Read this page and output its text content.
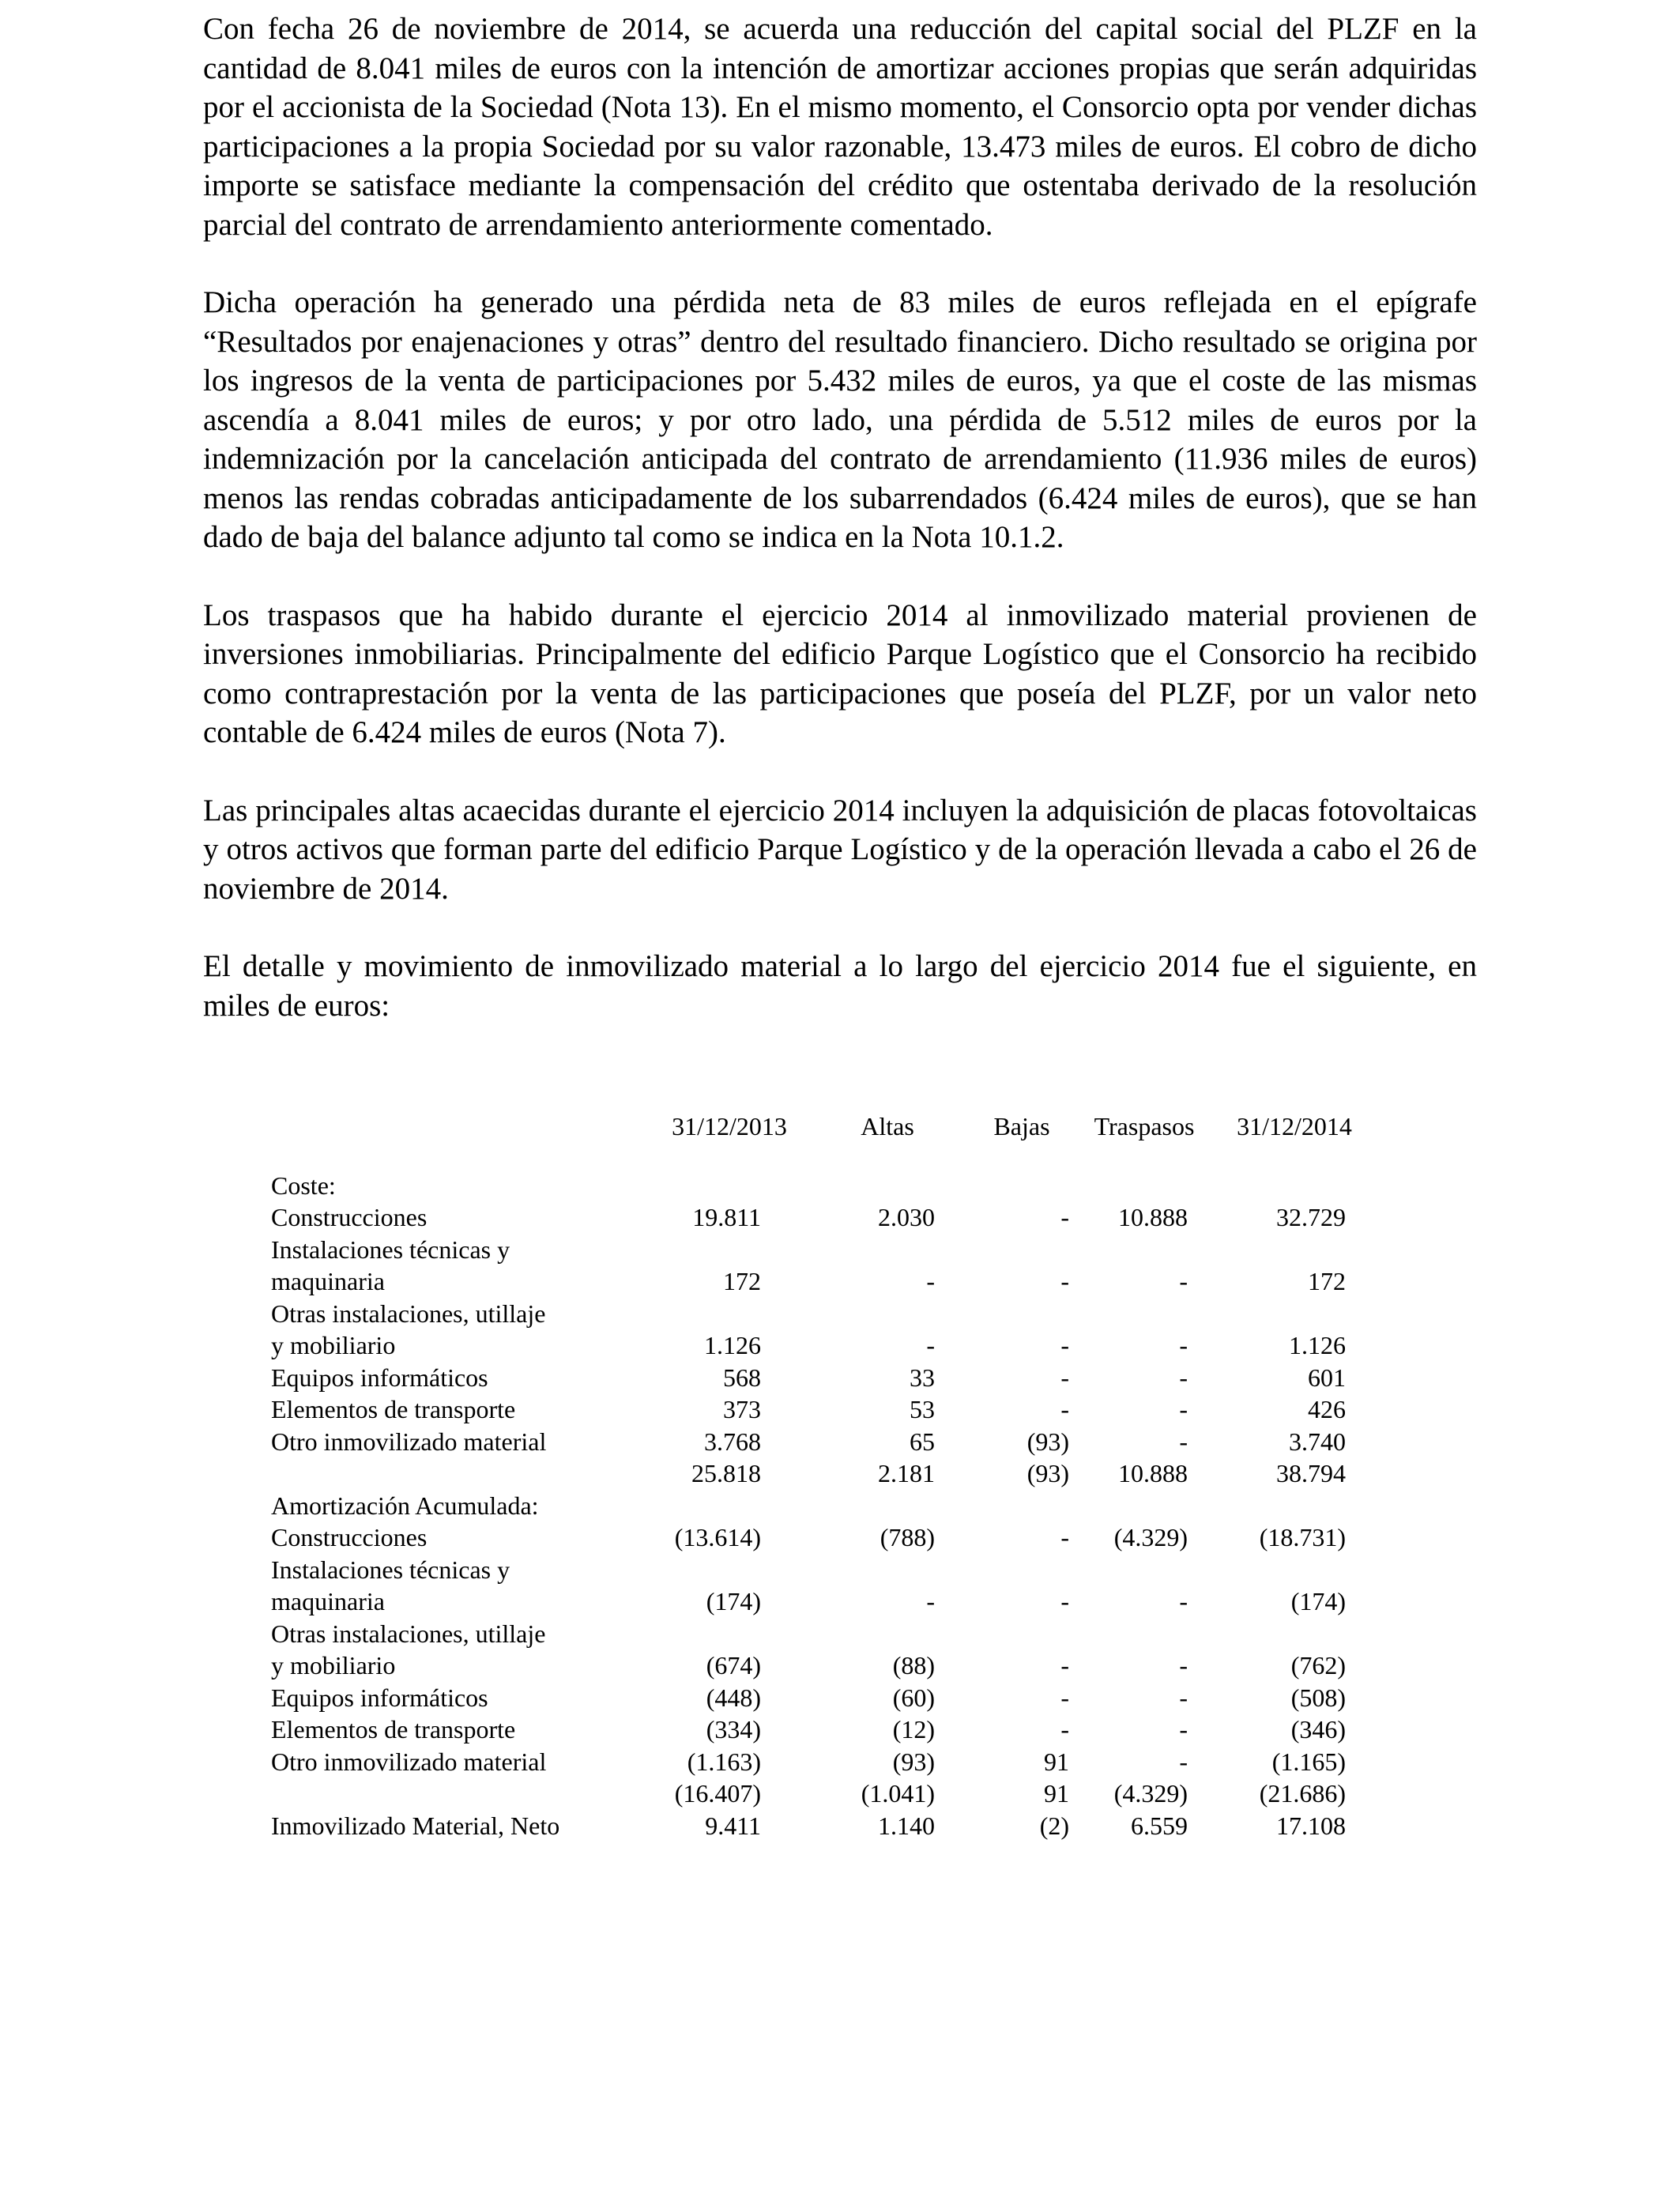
Con fecha 26 de noviembre de 2014, se acuerda una reducción del capital social del PLZF en la cantidad de 8.041 miles de euros con la intención de amortizar acciones propias que serán adquiridas por el accionista de la Sociedad (Nota 13). En el mismo momento, el Consorcio opta por vender dichas participaciones a la propia Sociedad por su valor razonable, 13.473 miles de euros. El cobro de dicho importe se satisface mediante la compensación del crédito que ostentaba derivado de la resolución parcial del contrato de arrendamiento anteriormente comentado.

Dicha operación ha generado una pérdida neta de 83 miles de euros reflejada en el epígrafe “Resultados por enajenaciones y otras” dentro del resultado financiero. Dicho resultado se origina por los ingresos de la venta de participaciones por 5.432 miles de euros, ya que el coste de las mismas ascendía a 8.041 miles de euros; y por otro lado, una pérdida de 5.512 miles de euros por la indemnización por la cancelación anticipada del contrato de arrendamiento (11.936 miles de euros) menos las rendas cobradas anticipadamente de los subarrendados (6.424 miles de euros), que se han dado de baja del balance adjunto tal como se indica en la Nota 10.1.2.

Los traspasos que ha habido durante el ejercicio 2014 al inmovilizado material provienen de inversiones inmobiliarias. Principalmente del edificio Parque Logístico que el Consorcio ha recibido como contraprestación por la venta de las participaciones que poseía del PLZF, por un valor neto contable de 6.424 miles de euros (Nota 7).

Las principales altas acaecidas durante el ejercicio 2014 incluyen la adquisición de placas fotovoltaicas y otros activos que forman parte del edificio Parque Logístico y de la operación llevada a cabo el 26 de noviembre de 2014.

El detalle y movimiento de inmovilizado material a lo largo del ejercicio 2014 fue el siguiente, en miles de euros:

	31/12/2013	Altas	Bajas	Traspasos	31/12/2014

Coste:					
Construcciones	19.811	2.030	-	10.888	32.729
Instalaciones técnicas y					
maquinaria	172	-	-	-	172
Otras instalaciones, utillaje					
y mobiliario	1.126	-	-	-	1.126
Equipos informáticos	568	33	-	-	601
Elementos de transporte	373	53	-	-	426
Otro inmovilizado material	3.768	65	(93)	-	3.740
	25.818	2.181	(93)	10.888	38.794
Amortización Acumulada:					
Construcciones	(13.614)	(788)	-	(4.329)	(18.731)
Instalaciones técnicas y					
maquinaria	(174)	-	-	-	(174)
Otras instalaciones, utillaje					
y mobiliario	(674)	(88)	-	-	(762)
Equipos informáticos	(448)	(60)	-	-	(508)
Elementos de transporte	(334)	(12)	-	-	(346)
Otro inmovilizado material	(1.163)	(93)	91	-	(1.165)
	(16.407)	(1.041)	91	(4.329)	(21.686)
Inmovilizado Material, Neto	9.411	1.140	(2)	6.559	17.108
